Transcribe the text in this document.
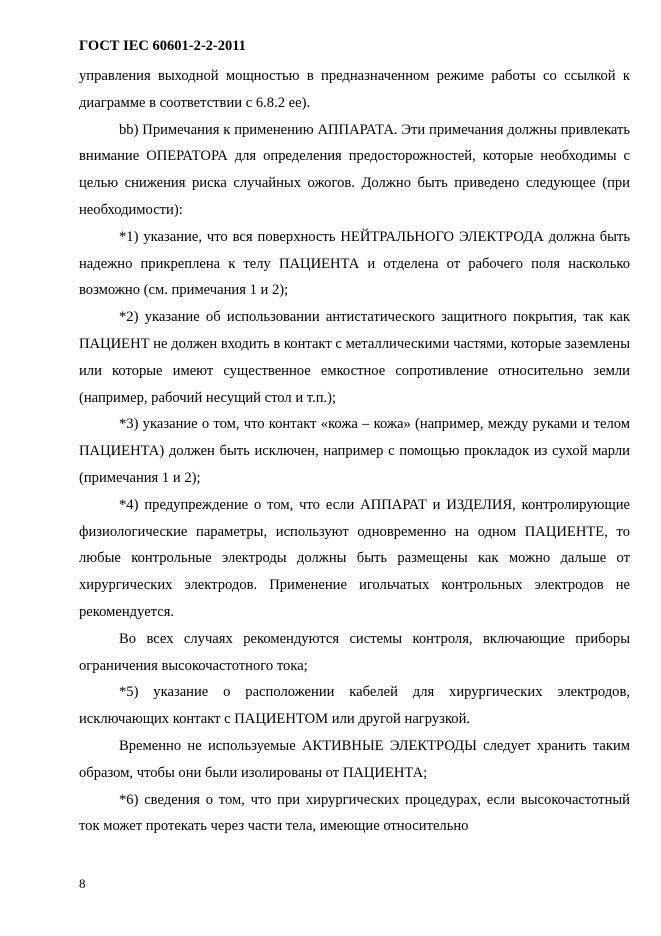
ГОСТ IEC 60601-2-2-2011

управления выходной мощностью в предназначенном режиме работы со ссылкой к диаграмме в соответствии с 6.8.2 ее).

bb) Примечания к применению АППАРАТА. Эти примечания должны привлекать внимание ОПЕРАТОРА для определения предосторожностей, которые необходимы с целью снижения риска случайных ожогов. Должно быть приведено следующее (при необходимости):

*1) указание, что вся поверхность НЕЙТРАЛЬНОГО ЭЛЕКТРОДА должна быть надежно прикреплена к телу ПАЦИЕНТА и отделена от рабочего поля насколько возможно (см. примечания 1 и 2);

*2) указание об использовании антистатического защитного покрытия, так как ПАЦИЕНТ не должен входить в контакт с металлическими частями, которые заземлены или которые имеют существенное емкостное сопротивление относительно земли (например, рабочий несущий стол и т.п.);

*3) указание о том, что контакт «кожа – кожа» (например, между руками и телом ПАЦИЕНТА) должен быть исключен, например с помощью прокладок из сухой марли (примечания 1 и 2);

*4) предупреждение о том, что если АППАРАТ и ИЗДЕЛИЯ, контролирующие физиологические параметры, используют одновременно на одном ПАЦИЕНТЕ, то любые контрольные электроды должны быть размещены как можно дальше от хирургических электродов. Применение игольчатых контрольных электродов не рекомендуется.

Во всех случаях рекомендуются системы контроля, включающие приборы ограничения высокочастотного тока;

*5) указание о расположении кабелей для хирургических электродов, исключающих контакт с ПАЦИЕНТОМ или другой нагрузкой.

Временно не используемые АКТИВНЫЕ ЭЛЕКТРОДЫ следует хранить таким образом, чтобы они были изолированы от ПАЦИЕНТА;

*6) сведения о том, что при хирургических процедурах, если высокочастотный ток может протекать через части тела, имеющие относительно

8
